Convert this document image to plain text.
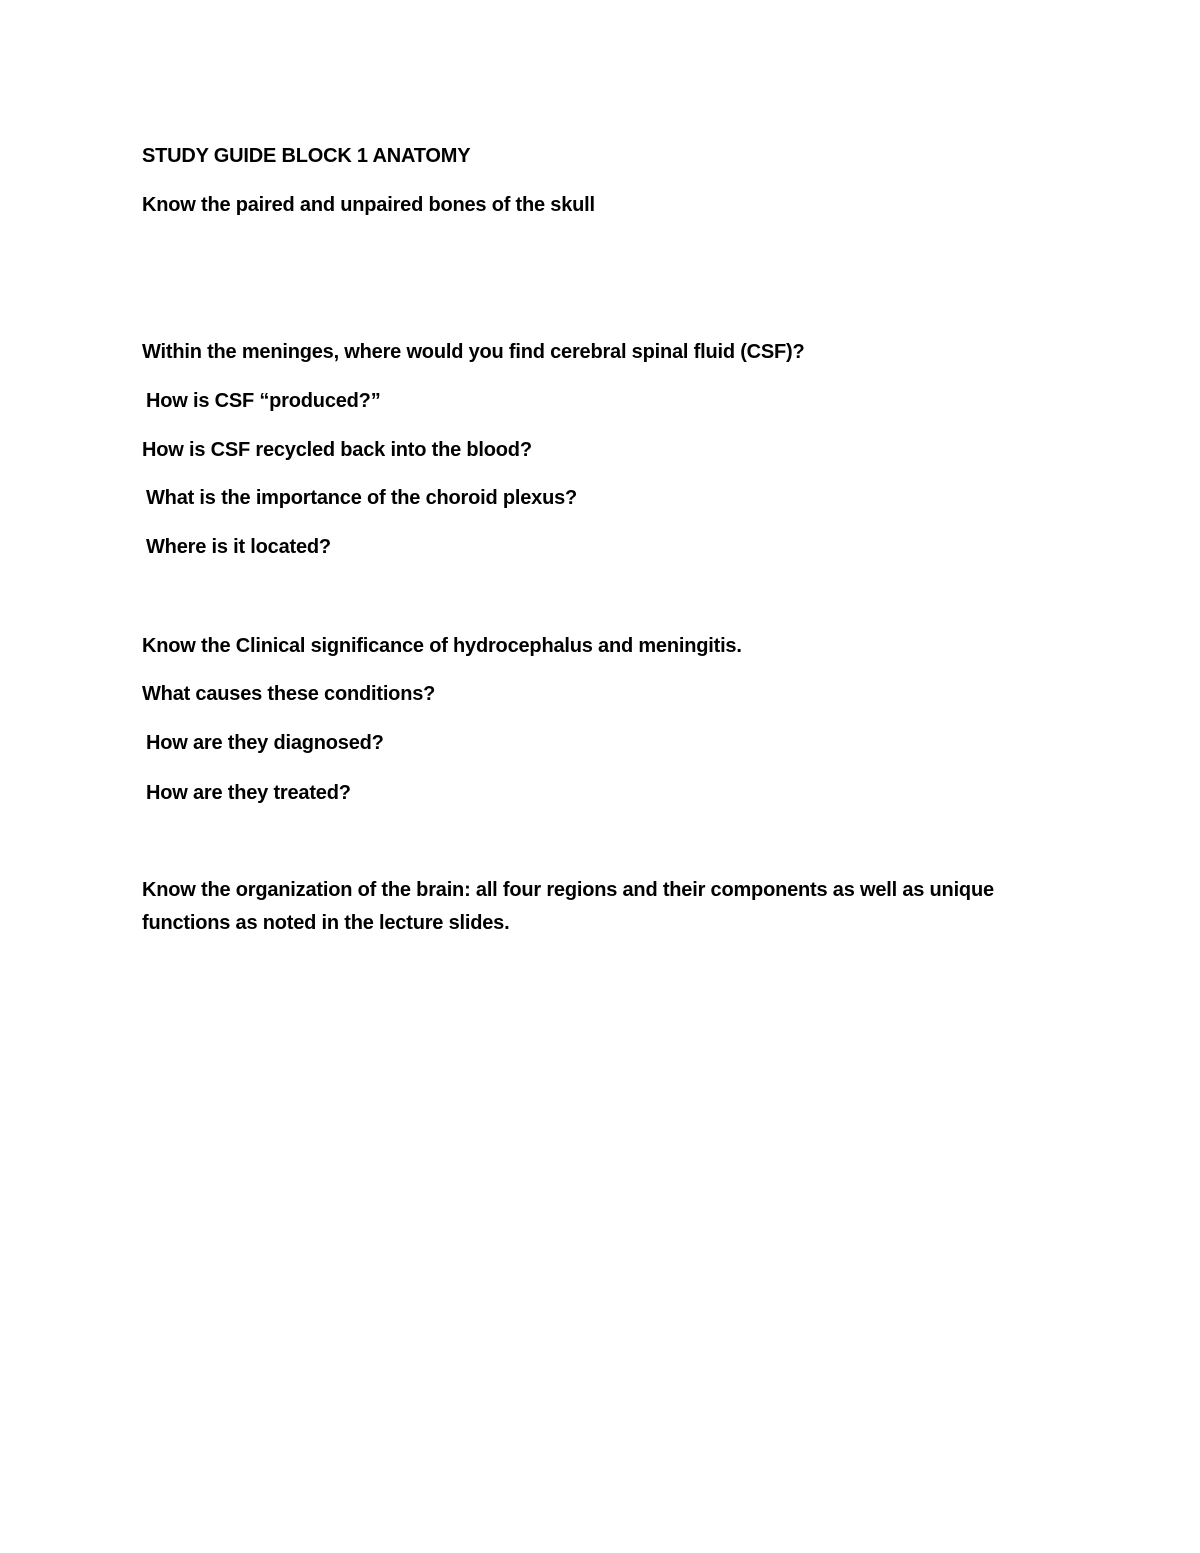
STUDY GUIDE BLOCK 1 ANATOMY

Know the paired and unpaired bones of the skull

Within the meninges, where would you find cerebral spinal fluid (CSF)?

How is CSF “produced?”

How is CSF recycled back into the blood?

What is the importance of the choroid plexus?

Where is it located?

Know the Clinical significance of hydrocephalus and meningitis.

What causes these conditions?

How are they diagnosed?

How are they treated?

Know the organization of the brain: all four regions and their components as well as unique functions as noted in the lecture slides.
